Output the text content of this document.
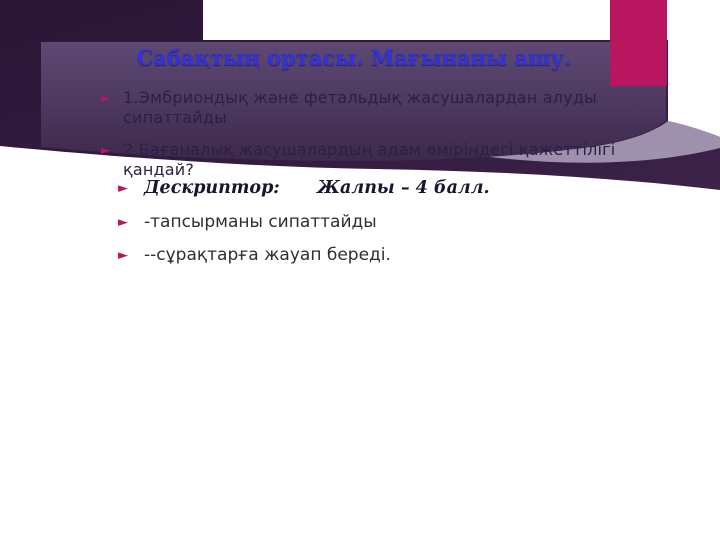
Сабақтың ортасы. Мағынаны ашу.
► 1.Эмбриондық және фетальдық жасушалардан алуды сипаттайды
► 2.Бағаналық жасушалардың адам өміріндегі қажеттілігі қандай?
► Дескриптор: Жалпы – 4 балл.
► -тапсырманы сипаттайды
► --сұрақтарға жауап береді.
